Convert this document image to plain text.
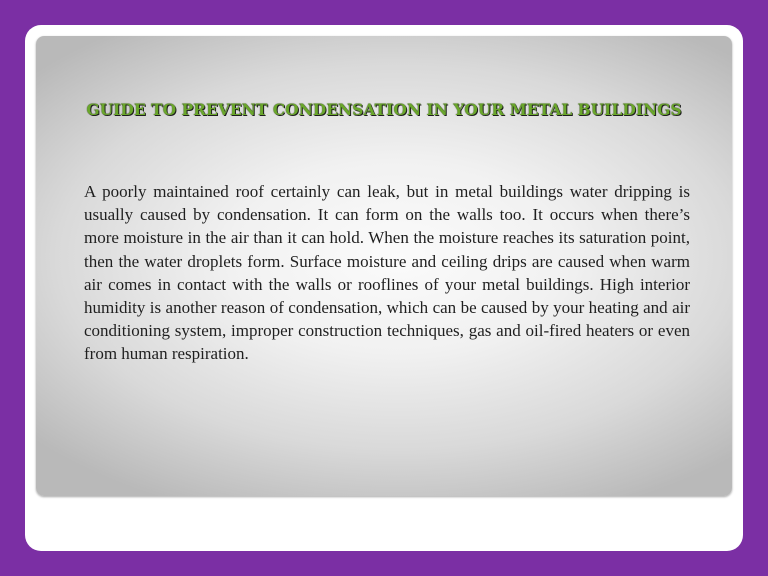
GUIDE TO PREVENT CONDENSATION IN YOUR METAL BUILDINGS

A poorly maintained roof certainly can leak, but in metal buildings water dripping is usually caused by condensation. It can form on the walls too. It occurs when there’s more moisture in the air than it can hold. When the moisture reaches its saturation point, then the water droplets form. Surface moisture and ceiling drips are caused when warm air comes in contact with the walls or rooflines of your metal buildings. High interior humidity is another reason of condensation, which can be caused by your heating and air conditioning system, improper construction techniques, gas and oil-fired heaters or even from human respiration.
